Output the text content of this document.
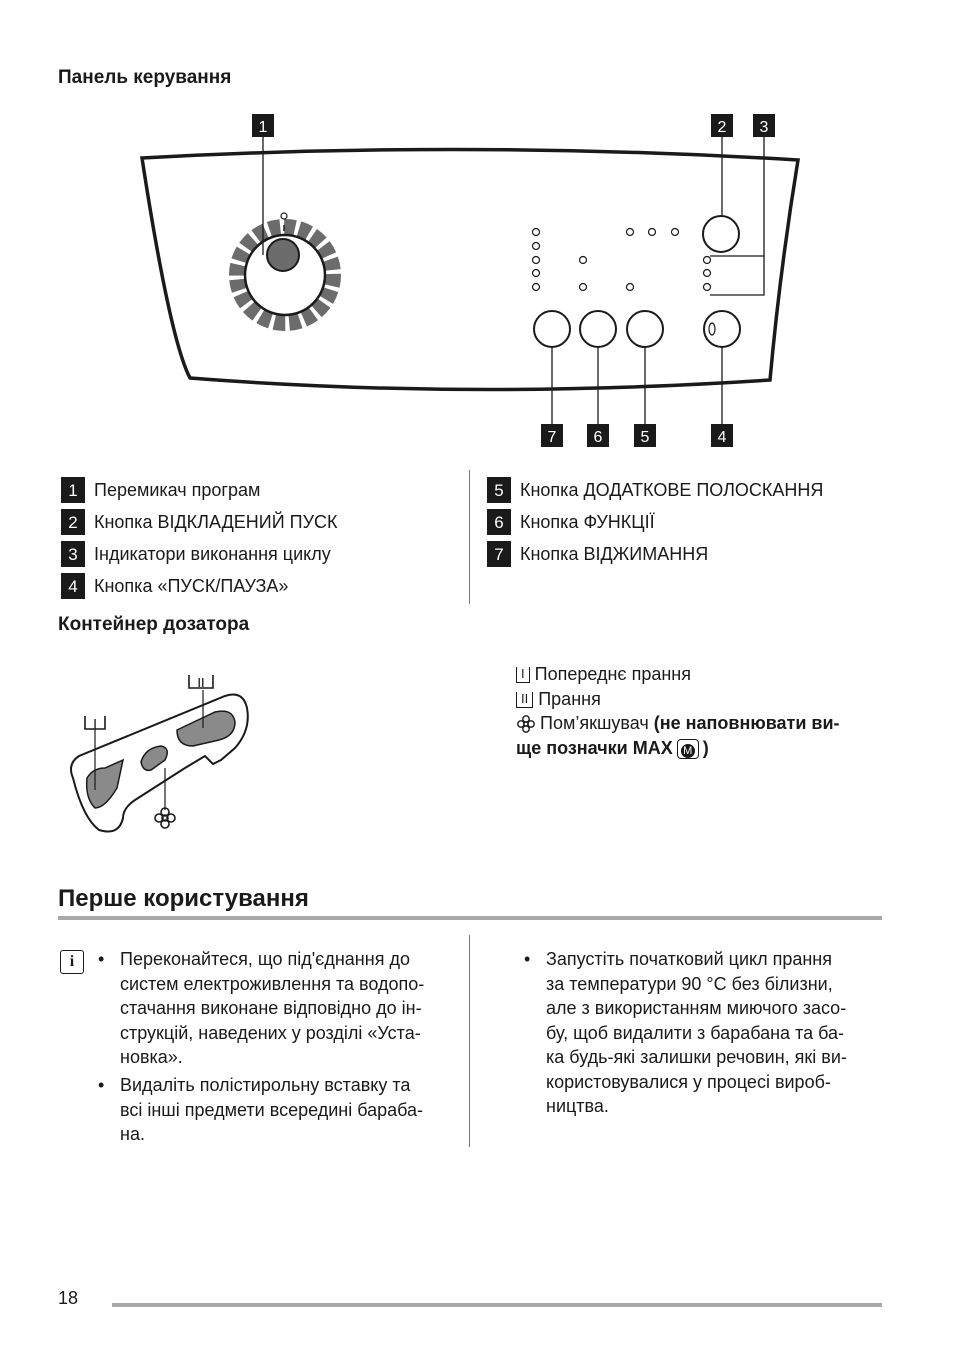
Панель керування
1	2 3
4
5
6
7
1 Перемикач програм
2 Кнопка ВІДКЛАДЕНИЙ ПУСК
3 Індикатори виконання циклу
4 Кнопка «ПУСК/ПАУЗА»
5 Кнопка ДОДАТКОВЕ ПОЛОСКАННЯ
6 Кнопка ФУНКЦІЇ
7 Кнопка ВІДЖИМАННЯ
Контейнер дозатора
I
II
I Попереднє прання
II Прання
Пом’якшувач
(не наповнювати ви-
ще позначки MAX M )
Перше користування
i	• Переконайтеся, що під'єднання до
систем електроживлення та водопо-
стачання виконане відповідно до ін-
струкцій, наведених у розділі «Уста-
новка».
• Видаліть полістирольну вставку та
всі інші предмети всередині бараба-
на.
• Запустіть початковий цикл прання
за температури 90 °C без білизни,
але з використанням миючого засо-
бу, щоб видалити з барабана та ба-
ка будь-які залишки речовин, які ви-
користовувалися у процесі вироб-
ництва.
18
